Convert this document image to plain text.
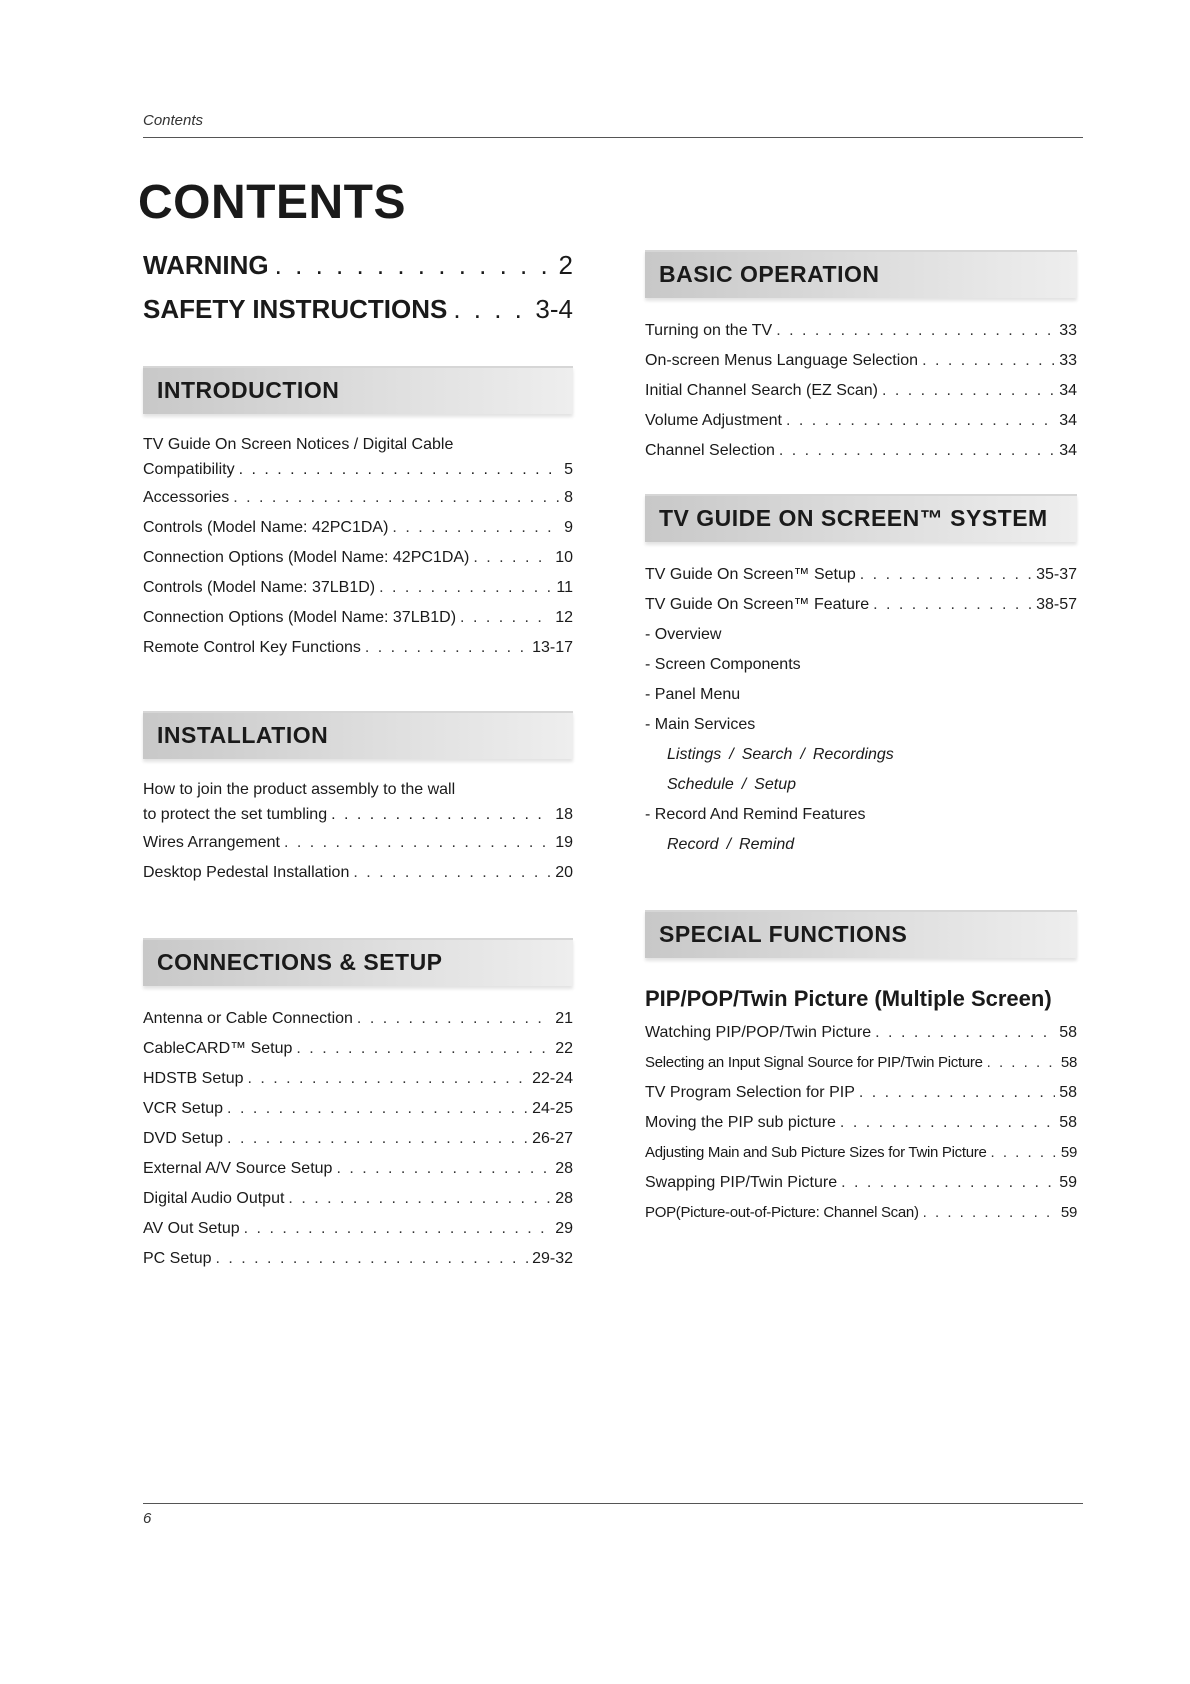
Contents
CONTENTS
WARNING . . .	2
SAFETY INSTRUCTIONS . . .	3-4
INTRODUCTION
TV Guide On Screen Notices / Digital Cable
Compatibility . . .	5
Accessories . . .	8
Controls (Model Name: 42PC1DA) . . .	9
Connection Options (Model Name: 42PC1DA) . . .	10
Controls (Model Name: 37LB1D) . . .	11
Connection Options (Model Name: 37LB1D) . . .	12
Remote Control Key Functions . . .	13-17
INSTALLATION
How to join the product assembly to the wall
to protect the set tumbling . . .	18
Wires Arrangement . . .	19
Desktop Pedestal Installation . . .	20
CONNECTIONS & SETUP
Antenna or Cable Connection . . .	21
CableCARD™ Setup . . .	22
HDSTB Setup . . .	22-24
VCR Setup . . .	24-25
DVD Setup . . .	26-27
External A/V Source Setup . . .	28
Digital Audio Output . . .	28
AV Out Setup . . .	29
PC Setup . . .	29-32
BASIC OPERATION
Turning on the TV . . .	33
On-screen Menus Language Selection . . .	33
Initial Channel Search (EZ Scan) . . .	34
Volume Adjustment . . .	34
Channel Selection . . .	34
TV GUIDE ON SCREEN™ SYSTEM
TV Guide On Screen™ Setup . . .	35-37
TV Guide On Screen™ Feature . . .	38-57
- Overview
- Screen Components
- Panel Menu
- Main Services
Listings / Search / Recordings
Schedule / Setup
- Record And Remind Features
Record / Remind
SPECIAL FUNCTIONS
PIP/POP/Twin Picture (Multiple Screen)
Watching PIP/POP/Twin Picture . . .	58
Selecting an Input Signal Source for PIP/Twin Picture . . .	58
TV Program Selection for PIP . . .	58
Moving the PIP sub picture . . .	58
Adjusting Main and Sub Picture Sizes for Twin Picture . . .	59
Swapping PIP/Twin Picture . . .	59
POP(Picture-out-of-Picture: Channel Scan) . . .	59
6
